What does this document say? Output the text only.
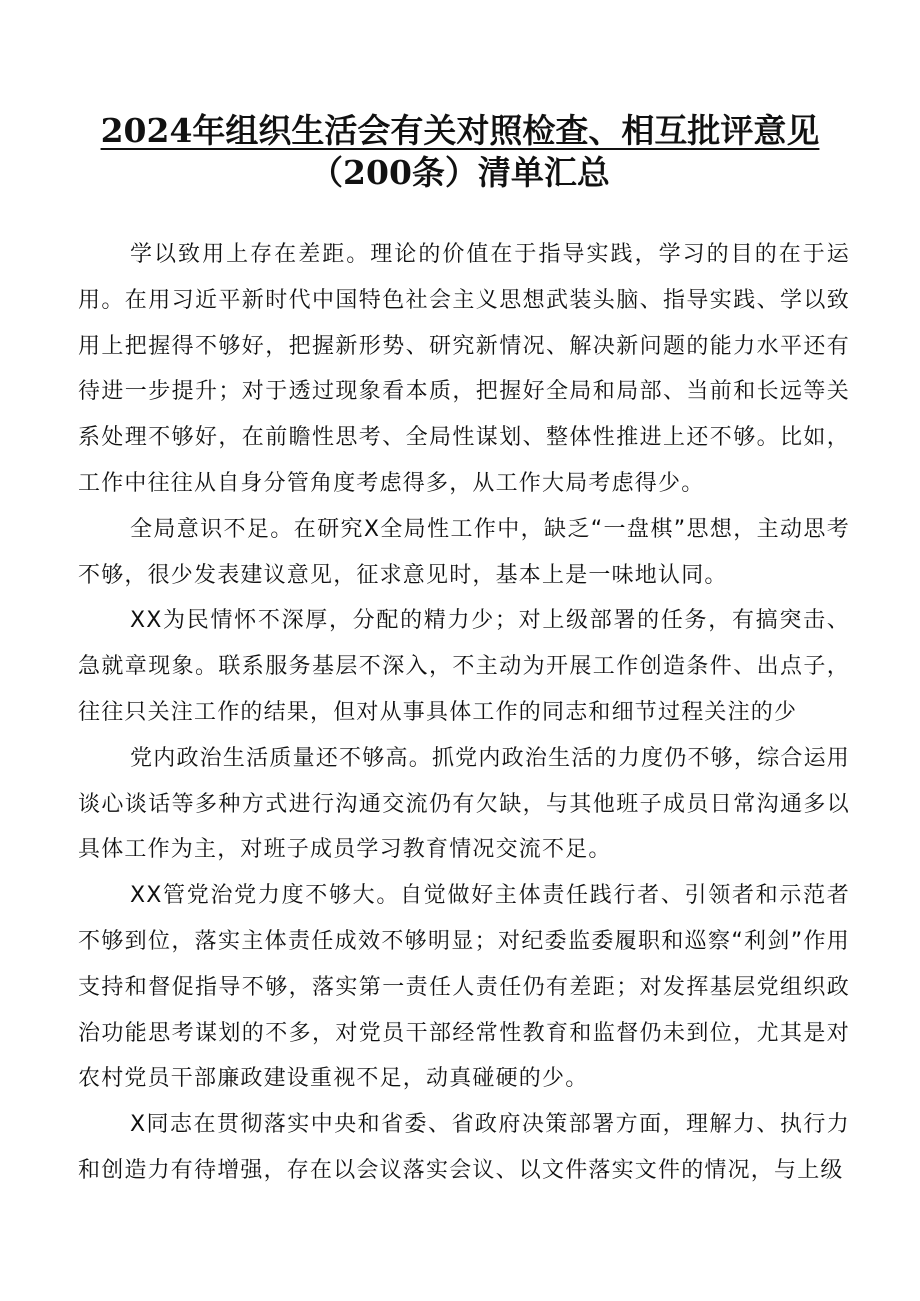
2024年组织生活会有关对照检查、相互批评意见
（200条）清单汇总

学以致用上存在差距。理论的价值在于指导实践，学习的目的在于运用。在用习近平新时代中国特色社会主义思想武装头脑、指导实践、学以致用上把握得不够好，把握新形势、研究新情况、解决新问题的能力水平还有待进一步提升；对于透过现象看本质，把握好全局和局部、当前和长远等关系处理不够好，在前瞻性思考、全局性谋划、整体性推进上还不够。比如，工作中往往从自身分管角度考虑得多，从工作大局考虑得少。

全局意识不足。在研究X全局性工作中，缺乏“一盘棋”思想，主动思考不够，很少发表建议意见，征求意见时，基本上是一味地认同。

XX为民情怀不深厚，分配的精力少；对上级部署的任务，有搞突击、急就章现象。联系服务基层不深入，不主动为开展工作创造条件、出点子，往往只关注工作的结果，但对从事具体工作的同志和细节过程关注的少

党内政治生活质量还不够高。抓党内政治生活的力度仍不够，综合运用谈心谈话等多种方式进行沟通交流仍有欠缺，与其他班子成员日常沟通多以具体工作为主，对班子成员学习教育情况交流不足。

XX管党治党力度不够大。自觉做好主体责任践行者、引领者和示范者不够到位，落实主体责任成效不够明显；对纪委监委履职和巡察“利剑”作用支持和督促指导不够，落实第一责任人责任仍有差距；对发挥基层党组织政治功能思考谋划的不多，对党员干部经常性教育和监督仍未到位，尤其是对农村党员干部廉政建设重视不足，动真碰硬的少。

X同志在贯彻落实中央和省委、省政府决策部署方面，理解力、执行力和创造力有待增强，存在以会议落实会议、以文件落实文件的情况，与上级
